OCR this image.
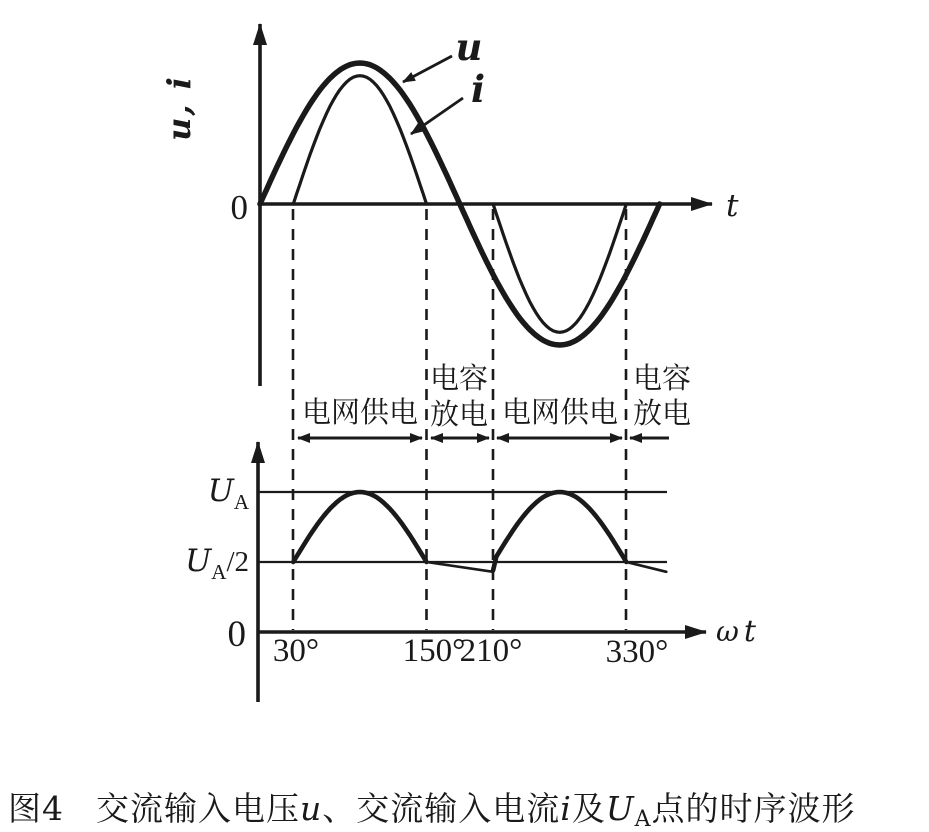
u, i
0	t
u
i
电网供电
电容
放电 电网供电
电容
放电
UA
UA/2
0 30°	150°
210°	330°
ω t
图4 交流输入电压u、交流输入电流i及$U_A$点的时序波形
